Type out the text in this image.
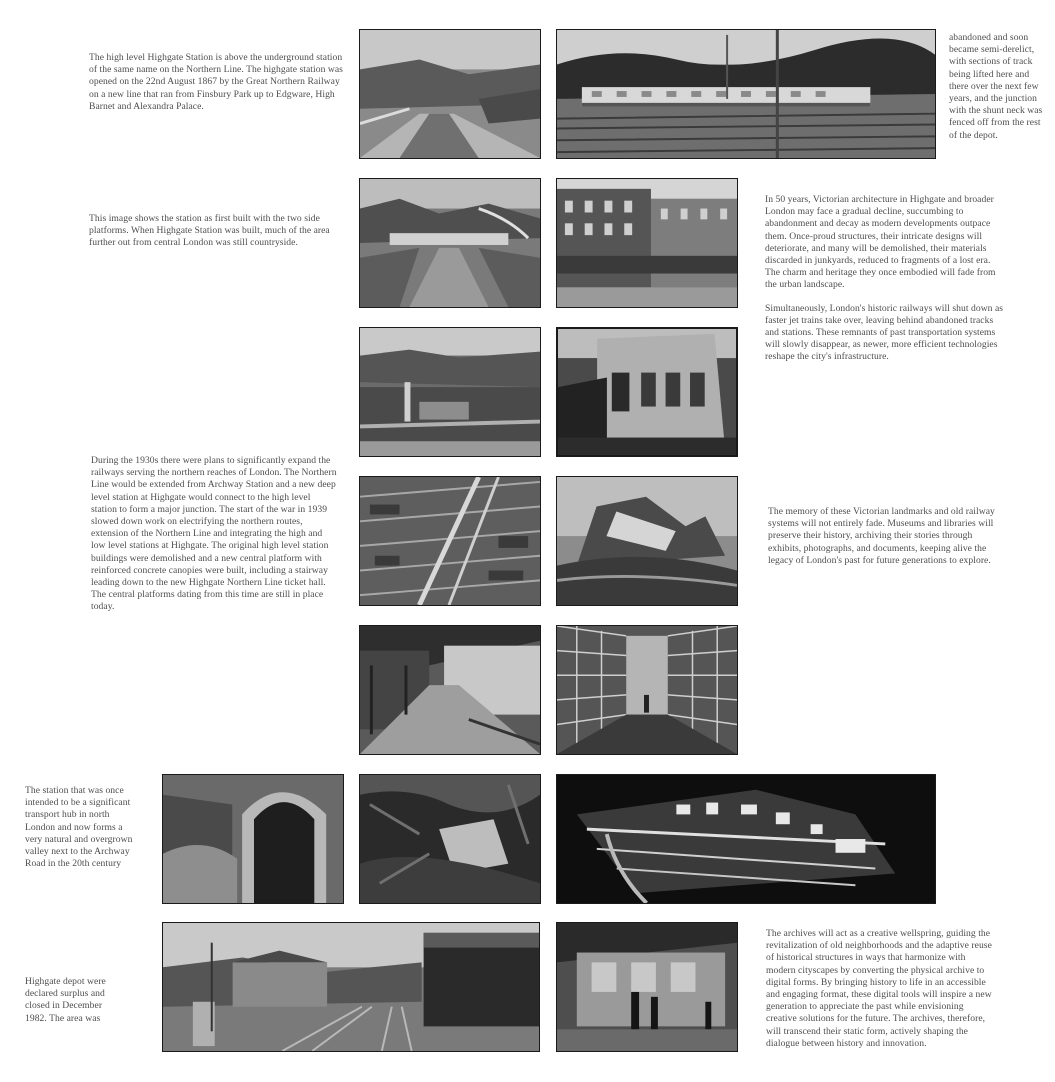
The high level Highgate Station is above the underground station of the same name on the Northern Line. The highgate station was opened on the 22nd August 1867 by the Great Northern Railway on a new line that ran from Finsbury Park up to Edgware, High Barnet and Alexandra Palace.

abandoned and soon became semi-derelict, with sections of track being lifted here and there over the next few years, and the junction with the shunt neck was fenced off from the rest of the depot.

This image shows the station as first built with the two side platforms. When Highgate Station was built, much of the area further out from central London was still countryside.

In 50 years, Victorian architecture in Highgate and broader London may face a gradual decline, succumbing to abandonment and decay as modern developments outpace them. Once-proud structures, their intricate designs will deteriorate, and many will be demolished, their materials discarded in junkyards, reduced to fragments of a lost era. The charm and heritage they once embodied will fade from the urban landscape.

Simultaneously, London's historic railways will shut down as faster jet trains take over, leaving behind abandoned tracks and stations. These remnants of past transportation systems will slowly disappear, as newer, more efficient technologies reshape the city's infrastructure.

During the 1930s there were plans to significantly expand the railways serving the northern reaches of London. The Northern Line would be extended from Archway Station and a new deep level station at Highgate would connect to the high level station to form a major junction. The start of the war in 1939 slowed down work on electrifying the northern routes, extension of the Northern Line and integrating the high and low level stations at Highgate. The original high level station buildings were demolished and a new central platform with reinforced concrete canopies were built, including a stairway leading down to the new Highgate Northern Line ticket hall. The central platforms dating from this time are still in place today.

The memory of these Victorian landmarks and old railway systems will not entirely fade. Museums and libraries will preserve their history, archiving their stories through exhibits, photographs, and documents, keeping alive the legacy of London's past for future generations to explore.

The station that was once intended to be a significant transport hub in north London and now forms a very natural and overgrown valley next to the Archway Road in the 20th century

Highgate depot were declared surplus and closed in December 1982. The area was

The archives will act as a creative wellspring, guiding the revitalization of old neighborhoods and the adaptive reuse of historical structures in ways that harmonize with modern cityscapes by converting the physical archive to digital forms. By bringing history to life in an accessible and engaging format, these digital tools will inspire a new generation to appreciate the past while envisioning creative solutions for the future. The archives, therefore, will transcend their static form, actively shaping the dialogue between history and innovation.
